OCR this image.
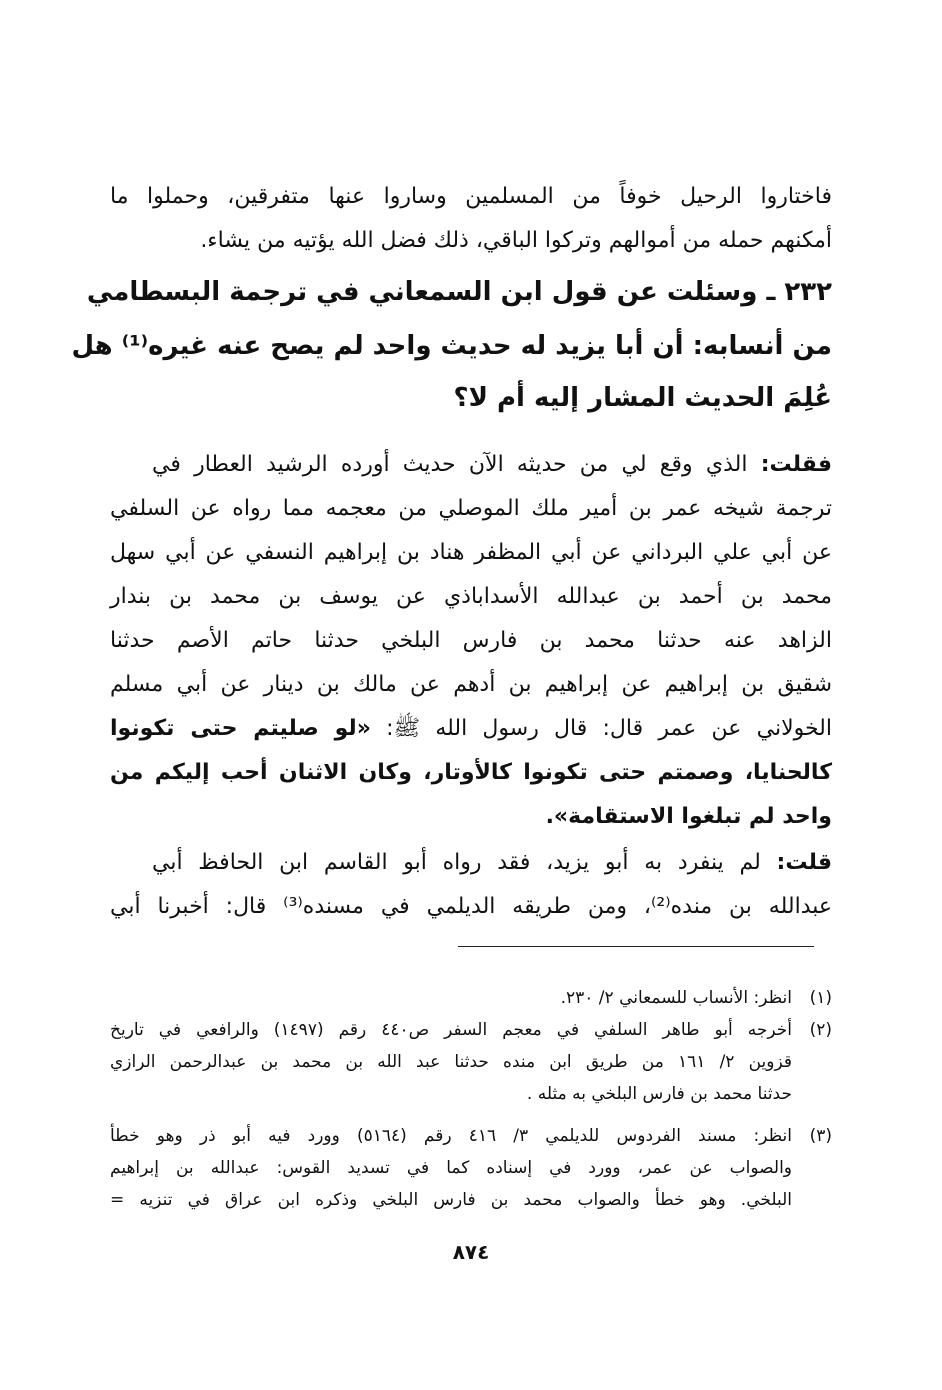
فاختاروا الرحيل خوفاً من المسلمين وساروا عنها متفرقين، وحملوا ما
أمكنهم حمله من أموالهم وتركوا الباقي، ذلك فضل الله يؤتيه من يشاء.
٢٣٢ ـ وسئلت عن قول ابن السمعاني في ترجمة البسطامي
من أنسابه: أن أبا يزيد له حديث واحد لم يصح عنه غيره⁽¹⁾ هل
عُلِمَ الحديث المشار إليه أم لا؟
فقلت: الذي وقع لي من حديثه الآن حديث أورده الرشيد العطار في
ترجمة شيخه عمر بن أمير ملك الموصلي من معجمه مما رواه عن السلفي
عن أبي علي البرداني عن أبي المظفر هناد بن إبراهيم النسفي عن أبي سهل
محمد بن أحمد بن عبدالله الأسداباذي عن يوسف بن محمد بن بندار
الزاهد عنه حدثنا محمد بن فارس البلخي حدثنا حاتم الأصم حدثنا
شقيق بن إبراهيم عن إبراهيم بن أدهم عن مالك بن دينار عن أبي مسلم
الخولاني عن عمر قال: قال رسول الله ﷺ: «لو صليتم حتى تكونوا
كالحنايا، وصمتم حتى تكونوا كالأوتار، وكان الاثنان أحب إليكم من
واحد لم تبلغوا الاستقامة».
قلت: لم ينفرد به أبو يزيد، فقد رواه أبو القاسم ابن الحافظ أبي
عبدالله بن منده⁽²⁾، ومن طريقه الديلمي في مسنده⁽³⁾ قال: أخبرنا أبي
(١)
انظر: الأنساب للسمعاني ٢/ ٢٣٠.
(٢)
أخرجه أبو طاهر السلفي في معجم السفر ص٤٤٠ رقم (١٤٩٧) والرافعي في تاريخ
قزوين ٢/ ١٦١ من طريق ابن منده حدثنا عبد الله بن محمد بن عبدالرحمن الرازي
حدثنا محمد بن فارس البلخي به مثله .
(٣)
انظر: مسند الفردوس للديلمي ٣/ ٤١٦ رقم (٥١٦٤) وورد فيه أبو ذر وهو خطأ
والصواب عن عمر، وورد في إسناده كما في تسديد القوس: عبدالله بن إبراهيم
البلخي. وهو خطأ والصواب محمد بن فارس البلخي وذكره ابن عراق في تنزيه =
٨٧٤
